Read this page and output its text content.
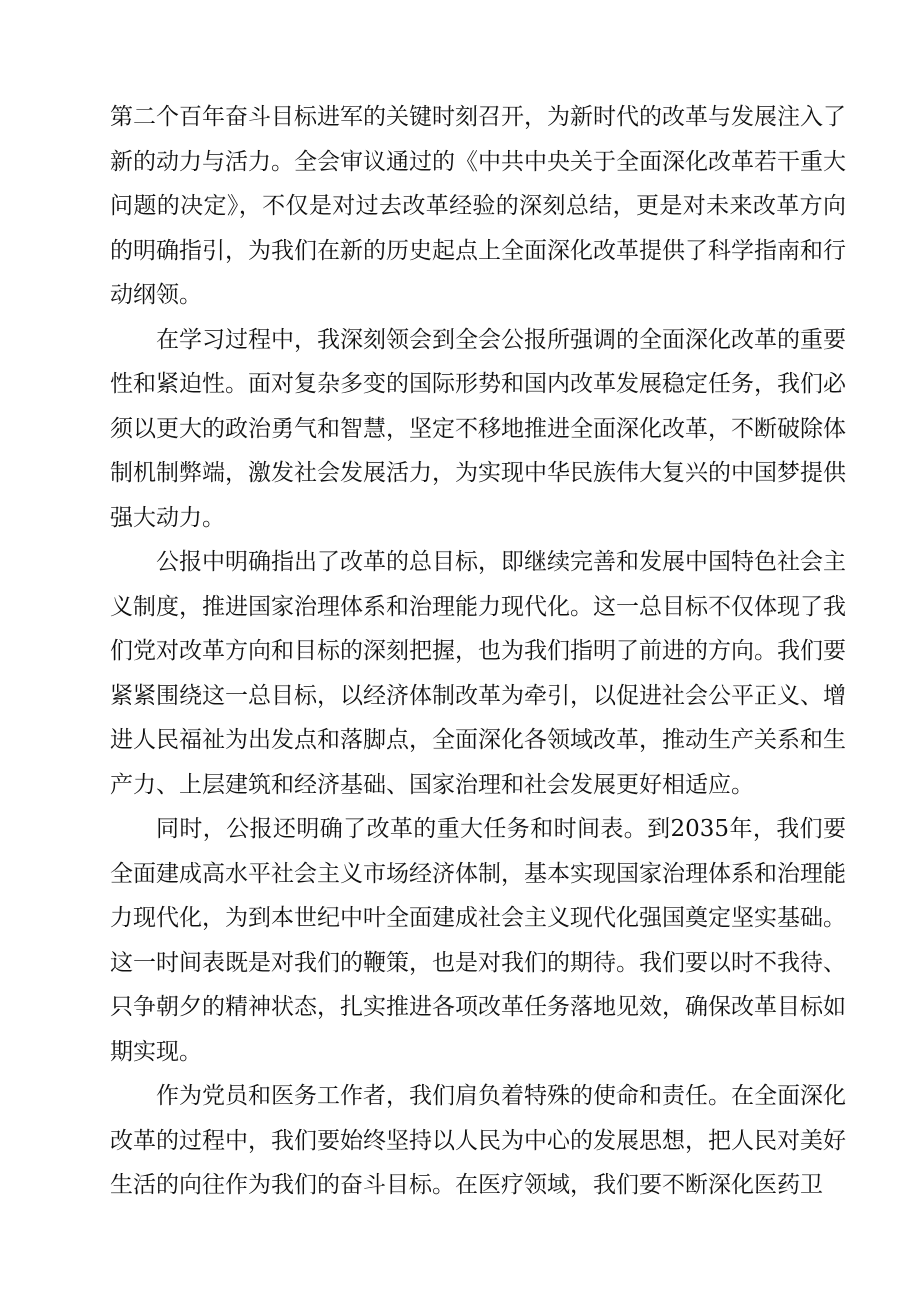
第二个百年奋斗目标进军的关键时刻召开，为新时代的改革与发展注入了新的动力与活力。全会审议通过的《中共中央关于全面深化改革若干重大问题的决定》，不仅是对过去改革经验的深刻总结，更是对未来改革方向的明确指引，为我们在新的历史起点上全面深化改革提供了科学指南和行动纲领。

在学习过程中，我深刻领会到全会公报所强调的全面深化改革的重要性和紧迫性。面对复杂多变的国际形势和国内改革发展稳定任务，我们必须以更大的政治勇气和智慧，坚定不移地推进全面深化改革，不断破除体制机制弊端，激发社会发展活力，为实现中华民族伟大复兴的中国梦提供强大动力。

公报中明确指出了改革的总目标，即继续完善和发展中国特色社会主义制度，推进国家治理体系和治理能力现代化。这一总目标不仅体现了我们党对改革方向和目标的深刻把握，也为我们指明了前进的方向。我们要紧紧围绕这一总目标，以经济体制改革为牵引，以促进社会公平正义、增进人民福祉为出发点和落脚点，全面深化各领域改革，推动生产关系和生产力、上层建筑和经济基础、国家治理和社会发展更好相适应。

同时，公报还明确了改革的重大任务和时间表。到2035年，我们要全面建成高水平社会主义市场经济体制，基本实现国家治理体系和治理能力现代化，为到本世纪中叶全面建成社会主义现代化强国奠定坚实基础。这一时间表既是对我们的鞭策，也是对我们的期待。我们要以时不我待、只争朝夕的精神状态，扎实推进各项改革任务落地见效，确保改革目标如期实现。

作为党员和医务工作者，我们肩负着特殊的使命和责任。在全面深化改革的过程中，我们要始终坚持以人民为中心的发展思想，把人民对美好生活的向往作为我们的奋斗目标。在医疗领域，我们要不断深化医药卫
